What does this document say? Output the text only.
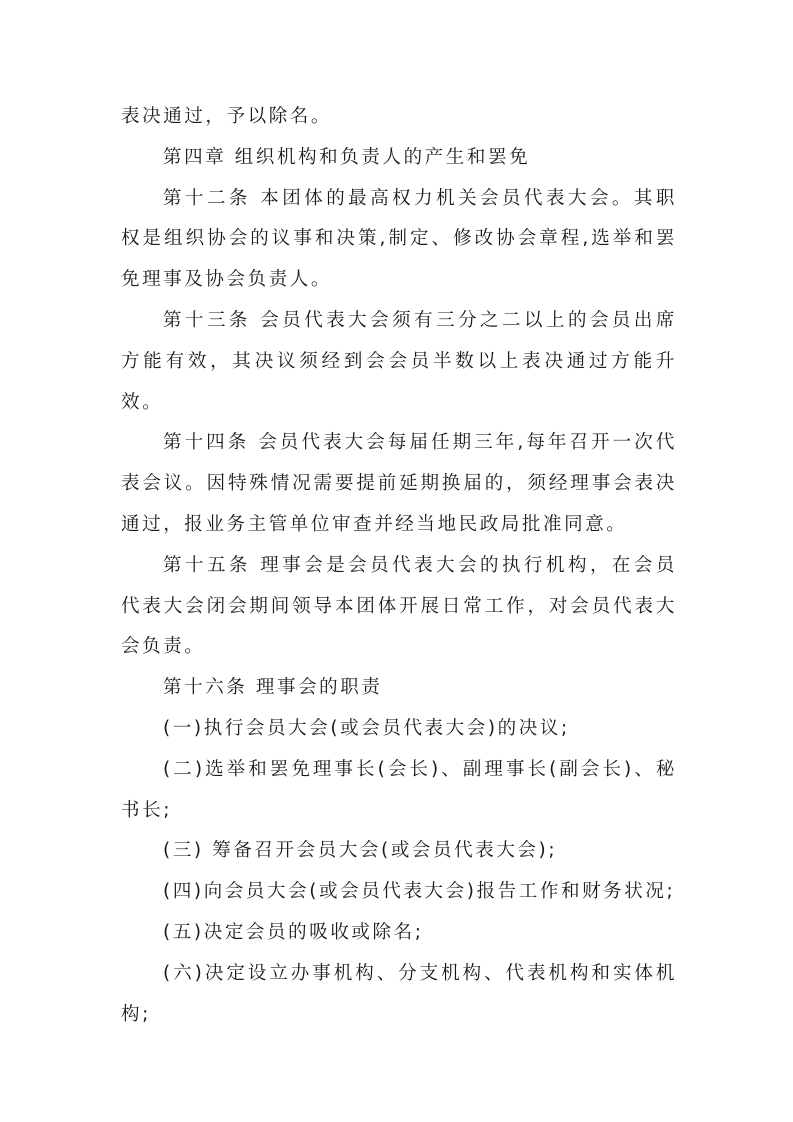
表决通过，予以除名。

第四章 组织机构和负责人的产生和罢免

第十二条 本团体的最高权力机关会员代表大会。其职权是组织协会的议事和决策,制定、修改协会章程,选举和罢免理事及协会负责人。

第十三条 会员代表大会须有三分之二以上的会员出席方能有效，其决议须经到会会员半数以上表决通过方能升效。

第十四条 会员代表大会每届任期三年,每年召开一次代表会议。因特殊情况需要提前延期换届的，须经理事会表决通过，报业务主管单位审查并经当地民政局批准同意。

第十五条 理事会是会员代表大会的执行机构，在会员代表大会闭会期间领导本团体开展日常工作，对会员代表大会负责。

第十六条 理事会的职责

(一)执行会员大会(或会员代表大会)的决议;

(二)选举和罢免理事长(会长)、副理事长(副会长)、秘书长;

(三) 筹备召开会员大会(或会员代表大会);

(四)向会员大会(或会员代表大会)报告工作和财务状况;

(五)决定会员的吸收或除名;

(六)决定设立办事机构、分支机构、代表机构和实体机构;
